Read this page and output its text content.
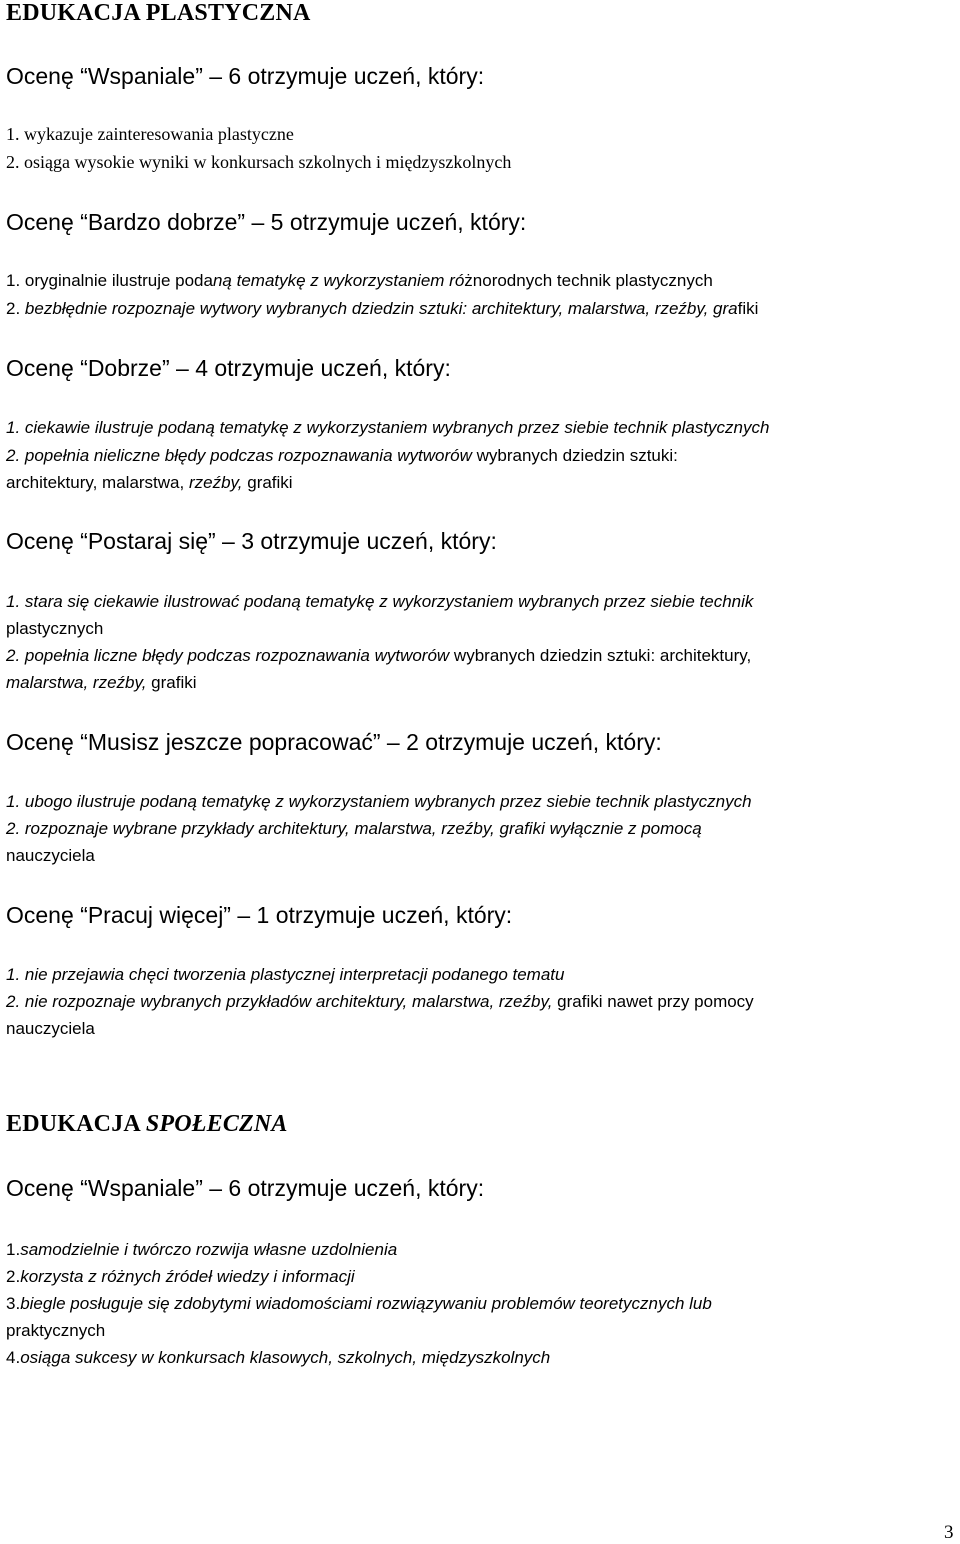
EDUKACJA PLASTYCZNA
Ocenę “Wspaniale” – 6 otrzymuje uczeń, który:
1. wykazuje zainteresowania plastyczne
2. osiąga wysokie wyniki w konkursach szkolnych i międzyszkolnych
Ocenę “Bardzo dobrze” – 5 otrzymuje uczeń, który:
1. oryginalnie ilustruje podaną tematykę z wykorzystaniem różnorodnych technik plastycznych
2. bezbłędnie rozpoznaje wytwory wybranych dziedzin sztuki: architektury, malarstwa, rzeźby, grafiki
Ocenę “Dobrze” – 4 otrzymuje uczeń, który:
1. ciekawie ilustruje podaną tematykę z wykorzystaniem wybranych przez siebie technik plastycznych
2. popełnia nieliczne błędy podczas rozpoznawania wytworów wybranych dziedzin sztuki:
architektury, malarstwa, rzeźby, grafiki
Ocenę “Postaraj się” – 3 otrzymuje uczeń, który:
1. stara się ciekawie ilustrować podaną tematykę z wykorzystaniem wybranych przez siebie technik
plastycznych
2. popełnia liczne błędy podczas rozpoznawania wytworów wybranych dziedzin sztuki: architektury,
malarstwa, rzeźby, grafiki
Ocenę “Musisz jeszcze popracować” – 2 otrzymuje uczeń, który:
1. ubogo ilustruje podaną tematykę z wykorzystaniem wybranych przez siebie technik plastycznych
2. rozpoznaje wybrane przykłady architektury, malarstwa, rzeźby, grafiki wyłącznie z pomocą
nauczyciela
Ocenę “Pracuj więcej” – 1 otrzymuje uczeń, który:
1. nie przejawia chęci tworzenia plastycznej interpretacji podanego tematu
2. nie rozpoznaje wybranych przykładów architektury, malarstwa, rzeźby, grafiki nawet przy pomocy
nauczyciela
EDUKACJA SPOŁECZNA
Ocenę “Wspaniale” – 6 otrzymuje uczeń, który:
1.samodzielnie i twórczo rozwija własne uzdolnienia
2.korzysta z różnych źródeł wiedzy i informacji
3.biegle posługuje się zdobytymi wiadomościami rozwiązywaniu problemów teoretycznych lub
praktycznych
4.osiąga sukcesy w konkursach klasowych, szkolnych, międzyszkolnych
3
